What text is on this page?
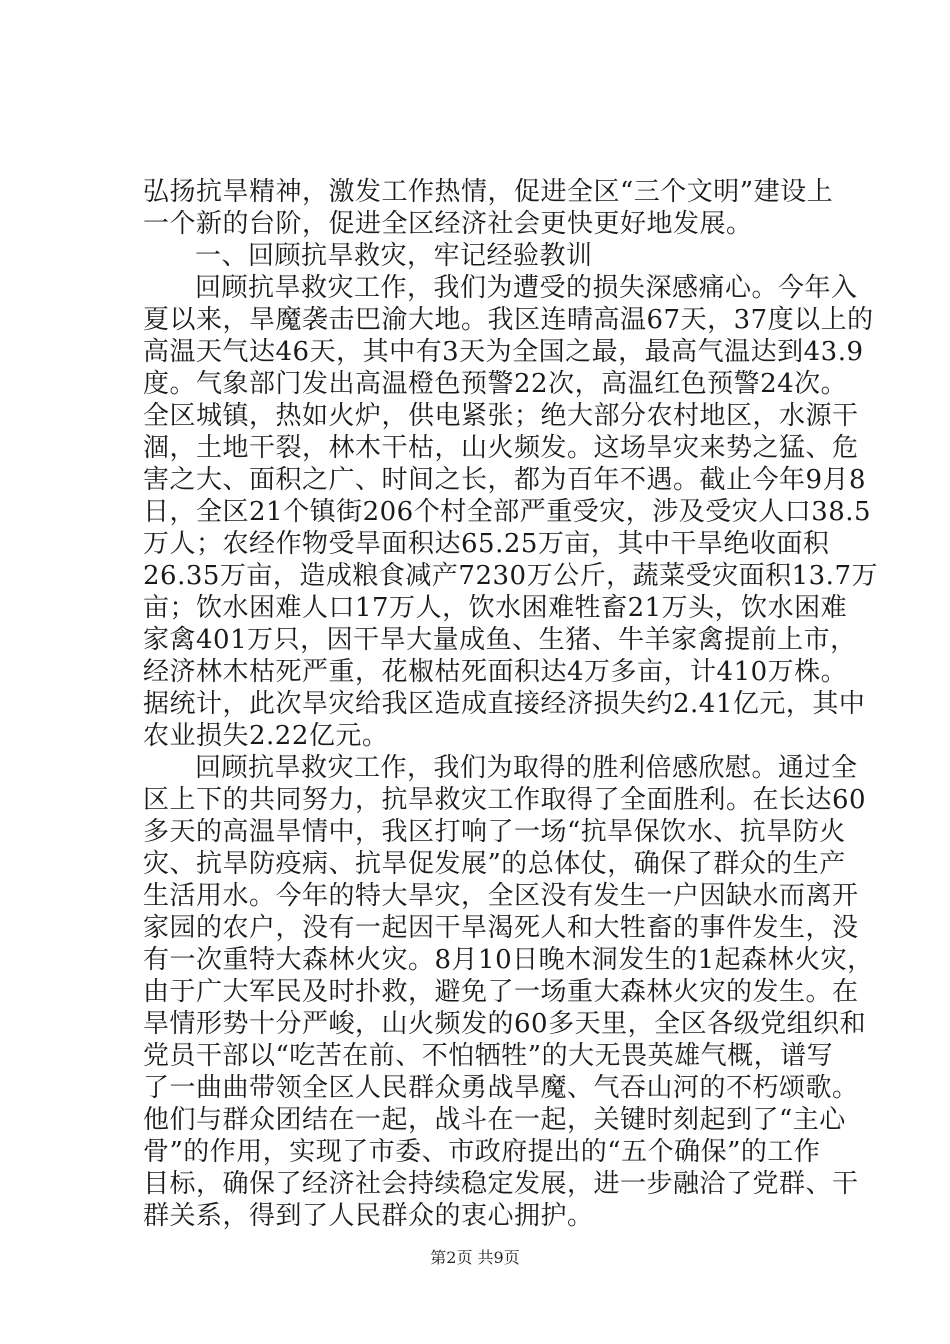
弘扬抗旱精神，激发工作热情，促进全区“三个文明”建设上
一个新的台阶，促进全区经济社会更快更好地发展。

一、回顾抗旱救灾，牢记经验教训

回顾抗旱救灾工作，我们为遭受的损失深感痛心。今年入
夏以来，旱魔袭击巴渝大地。我区连晴高温67天，37度以上的
高温天气达46天，其中有3天为全国之最，最高气温达到43.9
度。气象部门发出高温橙色预警22次，高温红色预警24次。
全区城镇，热如火炉，供电紧张；绝大部分农村地区，水源干
涸，土地干裂，林木干枯，山火频发。这场旱灾来势之猛、危
害之大、面积之广、时间之长，都为百年不遇。截止今年9月8
日，全区21个镇街206个村全部严重受灾，涉及受灾人口38.5
万人；农经作物受旱面积达65.25万亩，其中干旱绝收面积
26.35万亩，造成粮食减产7230万公斤，蔬菜受灾面积13.7万
亩；饮水困难人口17万人，饮水困难牲畜21万头，饮水困难
家禽401万只，因干旱大量成鱼、生猪、牛羊家禽提前上市，
经济林木枯死严重，花椒枯死面积达4万多亩，计410万株。
据统计，此次旱灾给我区造成直接经济损失约2.41亿元，其中
农业损失2.22亿元。

回顾抗旱救灾工作，我们为取得的胜利倍感欣慰。通过全
区上下的共同努力，抗旱救灾工作取得了全面胜利。在长达60
多天的高温旱情中，我区打响了一场“抗旱保饮水、抗旱防火
灾、抗旱防疫病、抗旱促发展”的总体仗，确保了群众的生产
生活用水。今年的特大旱灾，全区没有发生一户因缺水而离开
家园的农户，没有一起因干旱渴死人和大牲畜的事件发生，没
有一次重特大森林火灾。8月10日晚木洞发生的1起森林火灾，
由于广大军民及时扑救，避免了一场重大森林火灾的发生。在
旱情形势十分严峻，山火频发的60多天里，全区各级党组织和
党员干部以“吃苦在前、不怕牺牲”的大无畏英雄气概，谱写
了一曲曲带领全区人民群众勇战旱魔、气吞山河的不朽颂歌。
他们与群众团结在一起，战斗在一起，关键时刻起到了“主心
骨”的作用，实现了市委、市政府提出的“五个确保”的工作
目标，确保了经济社会持续稳定发展，进一步融洽了党群、干
群关系，得到了人民群众的衷心拥护。

第2页 共9页
